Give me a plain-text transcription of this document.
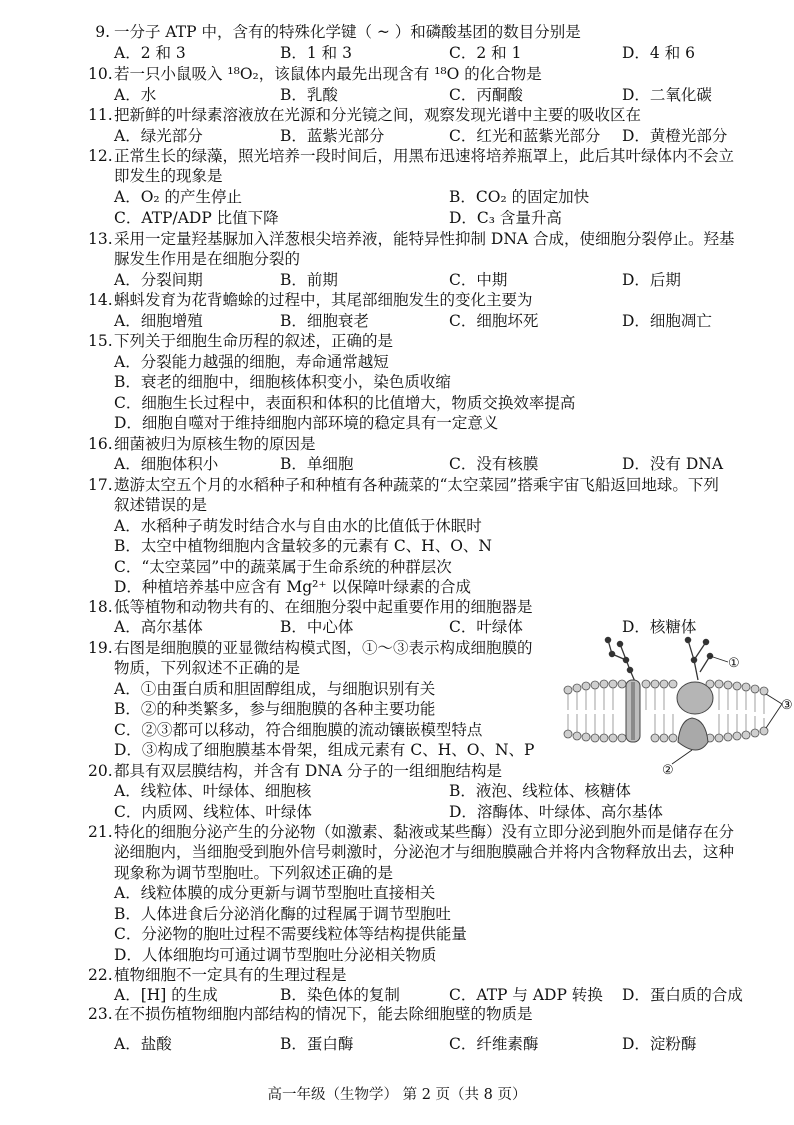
9. 一分子 ATP 中，含有的特殊化学键（ ~ ）和磷酸基团的数目分别是
A．2 和 3	B．1 和 3	C．2 和 1	D．4 和 6
10.若一只小鼠吸入 ¹⁸O₂，该鼠体内最先出现含有 ¹⁸O 的化合物是
A．水	B．乳酸	C．丙酮酸	D．二氧化碳
11.把新鲜的叶绿素溶液放在光源和分光镜之间，观察发现光谱中主要的吸收区在
A．绿光部分	B．蓝紫光部分	C．红光和蓝紫光部分 D．黄橙光部分
12.正常生长的绿藻，照光培养一段时间后，用黑布迅速将培养瓶罩上，此后其叶绿体内不会立
即发生的现象是
A．O₂ 的产生停止	B．CO₂ 的固定加快
C．ATP/ADP 比值下降	D．C₃ 含量升高
13.采用一定量羟基脲加入洋葱根尖培养液，能特异性抑制 DNA 合成，使细胞分裂停止。羟基
脲发生作用是在细胞分裂的
A．分裂间期	B．前期	C．中期	D．后期
14.蝌蚪发育为花背蟾蜍的过程中，其尾部细胞发生的变化主要为
A．细胞增殖	B．细胞衰老	C．细胞坏死	D．细胞凋亡
15.下列关于细胞生命历程的叙述，正确的是
A．分裂能力越强的细胞，寿命通常越短
B．衰老的细胞中，细胞核体积变小，染色质收缩
C．细胞生长过程中，表面积和体积的比值增大，物质交换效率提高
D．细胞自噬对于维持细胞内部环境的稳定具有一定意义
16.细菌被归为原核生物的原因是
A．细胞体积小	B．单细胞	C．没有核膜	D．没有 DNA
17.遨游太空五个月的水稻种子和种植有各种蔬菜的“太空菜园”搭乘宇宙飞船返回地球。下列
叙述错误的是
A．水稻种子萌发时结合水与自由水的比值低于休眠时
B．太空中植物细胞内含量较多的元素有 C、H、O、N
C．“太空菜园”中的蔬菜属于生命系统的种群层次
D．种植培养基中应含有 Mg²⁺ 以保障叶绿素的合成
18.低等植物和动物共有的、在细胞分裂中起重要作用的细胞器是
A．高尔基体	B．中心体	C．叶绿体	D．核糖体
19.右图是细胞膜的亚显微结构模式图，①～③表示构成细胞膜的
物质，下列叙述不正确的是
A．①由蛋白质和胆固醇组成，与细胞识别有关
B．②的种类繁多，参与细胞膜的各种主要功能
C．②③都可以移动，符合细胞膜的流动镶嵌模型特点
D．③构成了细胞膜基本骨架，组成元素有 C、H、O、N、P
①
③
②
20.都具有双层膜结构，并含有 DNA 分子的一组细胞结构是
A．线粒体、叶绿体、细胞核	B．液泡、线粒体、核糖体
C．内质网、线粒体、叶绿体	D．溶酶体、叶绿体、高尔基体
21.特化的细胞分泌产生的分泌物（如激素、黏液或某些酶）没有立即分泌到胞外而是储存在分
泌细胞内，当细胞受到胞外信号刺激时，分泌泡才与细胞膜融合并将内含物释放出去，这种
现象称为调节型胞吐。下列叙述正确的是
A．线粒体膜的成分更新与调节型胞吐直接相关
B．人体进食后分泌消化酶的过程属于调节型胞吐
C．分泌物的胞吐过程不需要线粒体等结构提供能量
D．人体细胞均可通过调节型胞吐分泌相关物质
22.植物细胞不一定具有的生理过程是
A．[H] 的生成	B．染色体的复制	C．ATP 与 ADP 转换 D．蛋白质的合成
23.在不损伤植物细胞内部结构的情况下，能去除细胞壁的物质是
A．盐酸	B．蛋白酶	C．纤维素酶	D．淀粉酶
高一年级（生物学） 第 2 页（共 8 页）
